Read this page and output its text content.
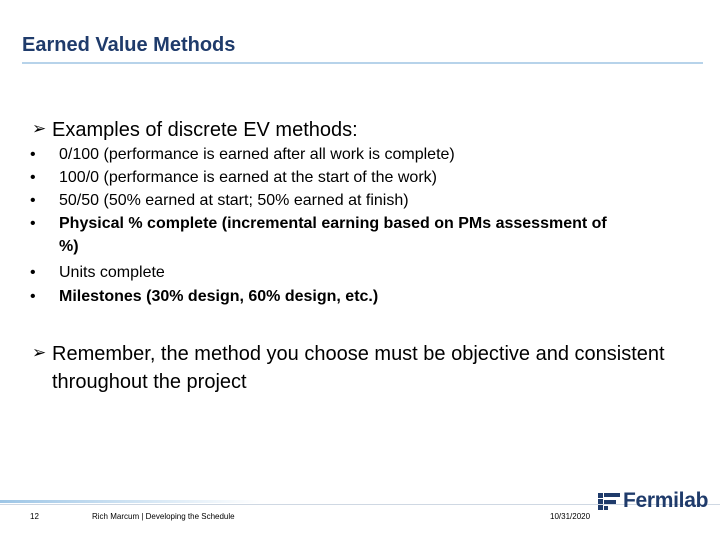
Earned Value Methods
➢ Examples of discrete EV methods:
•	0/100 (performance is earned after all work is complete)
•	100/0 (performance is earned at the start of the work)
•	50/50 (50% earned at start; 50% earned at finish)
•	Physical % complete (incremental earning based on PMs assessment of %)
•	Units complete
•	Milestones (30% design, 60% design, etc.)
➢ Remember, the method you choose must be objective and consistent throughout the project
12	Rich Marcum | Developing the Schedule	10/31/2020
Fermilab
